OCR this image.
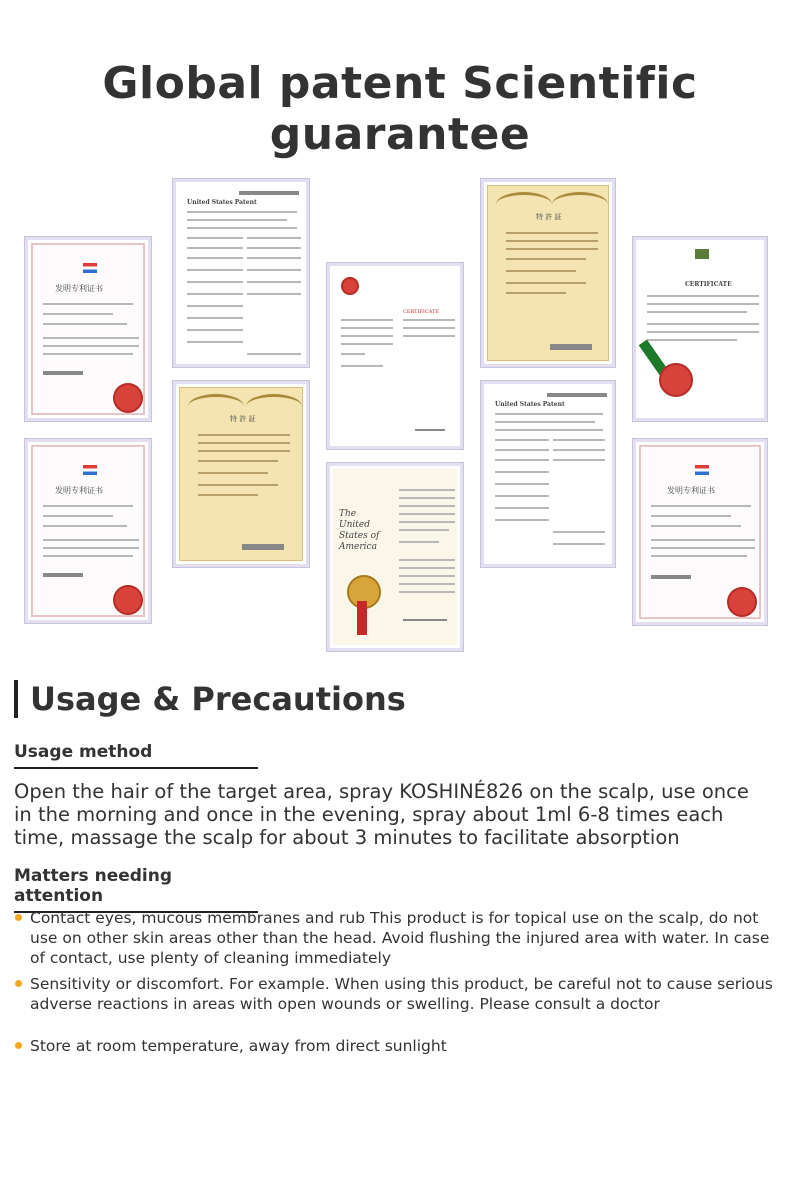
Global patent Scientific guarantee
发明专利证书
United States Patent
CERTIFICATE
特 許 証
CERTIFICATE
发明专利证书
特 許 証
The United States of America
United States Patent
发明专利证书
Usage & Precautions
Usage method
Open the hair of the target area, spray KOSHINÉ826 on the scalp, use once in the morning and once in the evening, spray about 1ml 6-8 times each time, massage the scalp for about 3 minutes to facilitate absorption
Matters needing attention
Contact eyes, mucous membranes and rub This product is for topical use on the scalp, do not use on other skin areas other than the head. Avoid flushing the injured area with water. In case of contact, use plenty of cleaning immediately
Sensitivity or discomfort. For example. When using this product, be careful not to cause serious adverse reactions in areas with open wounds or swelling. Please consult a doctor
Store at room temperature, away from direct sunlight
